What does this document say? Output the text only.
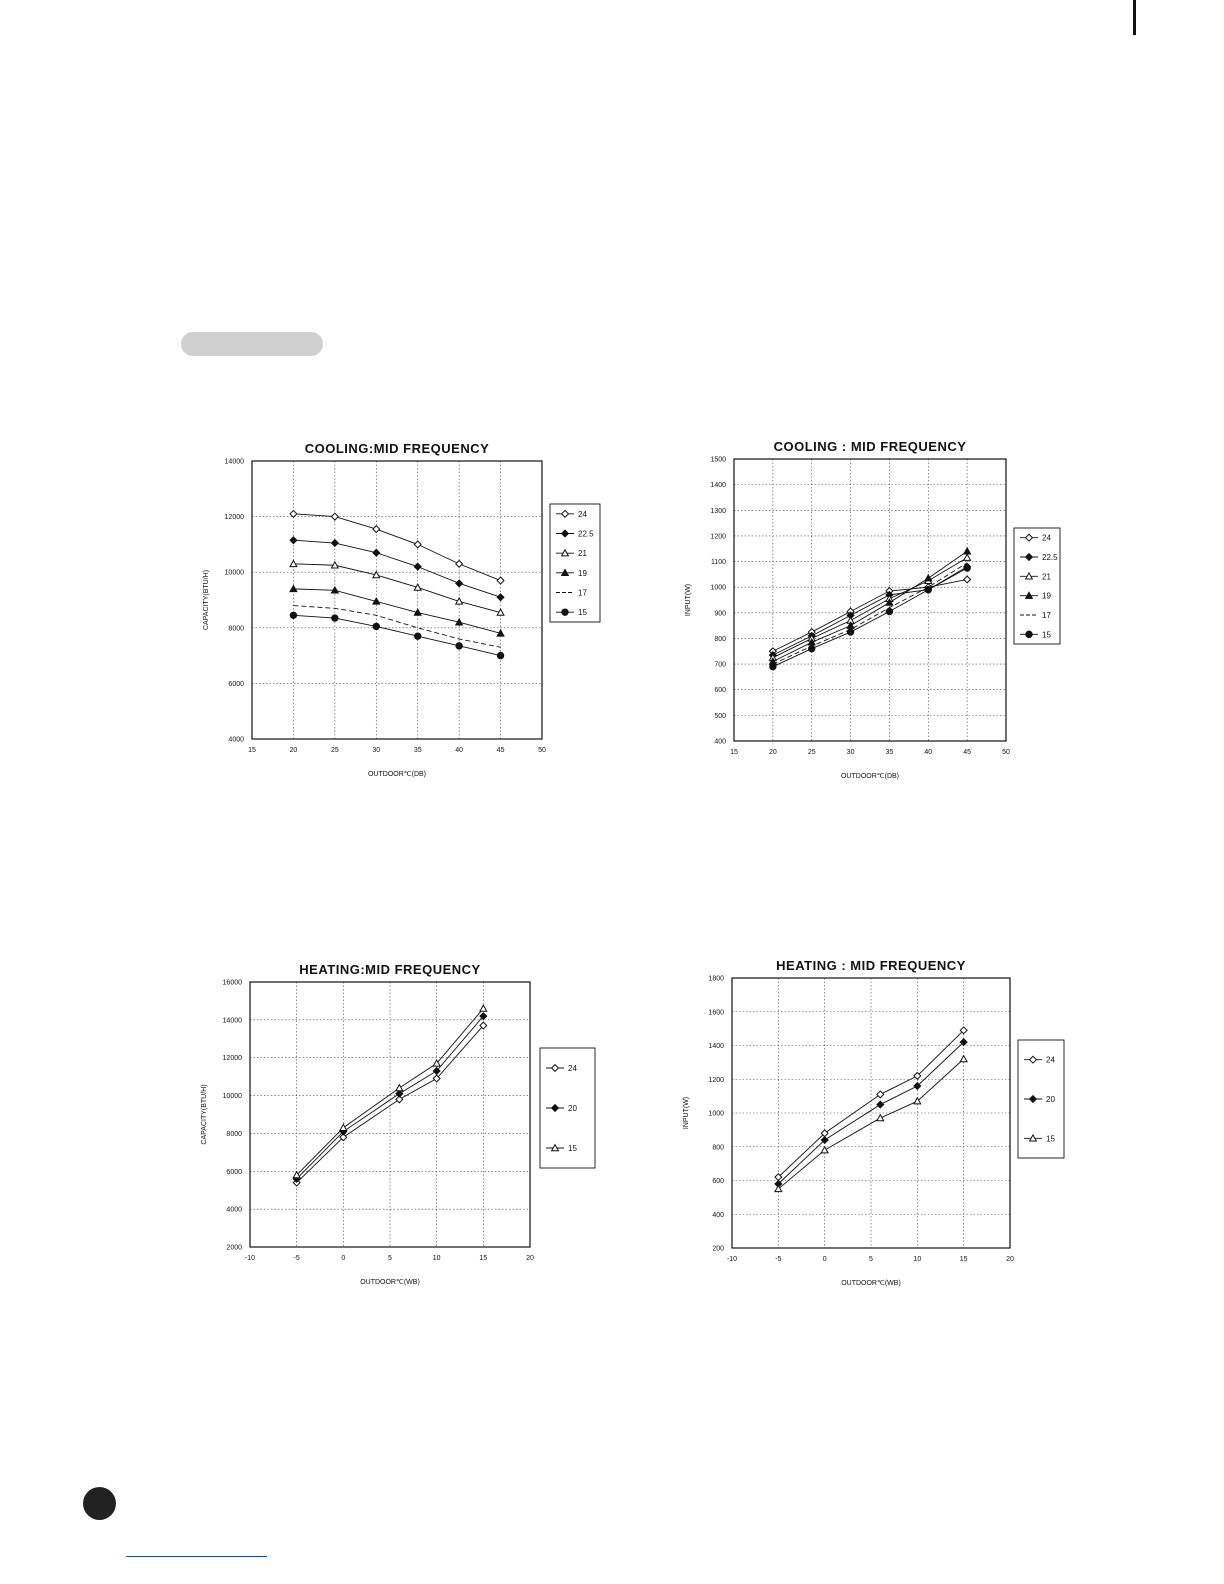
COOLING:MID FREQUENCY
15	20	25	30	35	40	45	50
4000
6000
8000
10000
12000
14000
OUTDOOR℃(DB)
CAPACITY(BTU/H)
24
22.5
21
19
17
15
COOLING : MID FREQUENCY
15	20	25	30	35	40	45	50
400
500
600
700
800
900
1000
1100
1200
1300
1400
1500
OUTDOOR℃(DB)
INPUT(W)
24
22.5
21
19
17
15
HEATING:MID FREQUENCY
-10	-5	0	5	10	15	20
2000
4000
6000
8000
10000
12000
14000
16000
OUTDOOR℃(WB)
CAPACITY(BTU/H)
24
20
15
HEATING : MID FREQUENCY
-10	-5	0	5	10	15	20
200
400
600
800
1000
1200
1400
1600
1800
OUTDOOR℃(WB)
INPUT(W)
24
20
15
